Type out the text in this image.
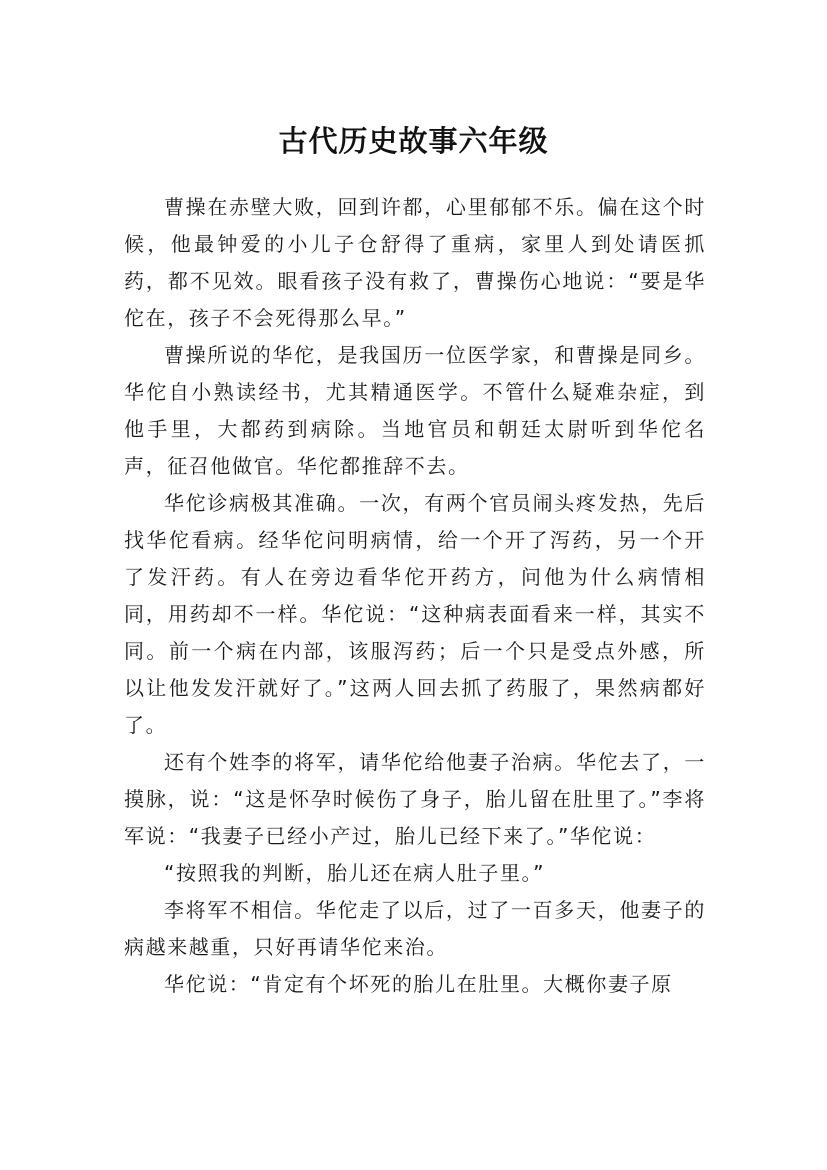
古代历史故事六年级

曹操在赤壁大败，回到许都，心里郁郁不乐。偏在这个时候，他最钟爱的小儿子仓舒得了重病，家里人到处请医抓药，都不见效。眼看孩子没有救了，曹操伤心地说：“要是华佗在，孩子不会死得那么早。”

曹操所说的华佗，是我国历一位医学家，和曹操是同乡。华佗自小熟读经书，尤其精通医学。不管什么疑难杂症，到他手里，大都药到病除。当地官员和朝廷太尉听到华佗名声，征召他做官。华佗都推辞不去。

华佗诊病极其准确。一次，有两个官员闹头疼发热，先后找华佗看病。经华佗问明病情，给一个开了泻药，另一个开了发汗药。有人在旁边看华佗开药方，问他为什么病情相同，用药却不一样。华佗说：“这种病表面看来一样，其实不同。前一个病在内部，该服泻药；后一个只是受点外感，所以让他发发汗就好了。”这两人回去抓了药服了，果然病都好了。

还有个姓李的将军，请华佗给他妻子治病。华佗去了，一摸脉，说：“这是怀孕时候伤了身子，胎儿留在肚里了。”李将军说：“我妻子已经小产过，胎儿已经下来了。”华佗说：

“按照我的判断，胎儿还在病人肚子里。”

李将军不相信。华佗走了以后，过了一百多天，他妻子的病越来越重，只好再请华佗来治。

华佗说：“肯定有个坏死的胎儿在肚里。大概你妻子原
